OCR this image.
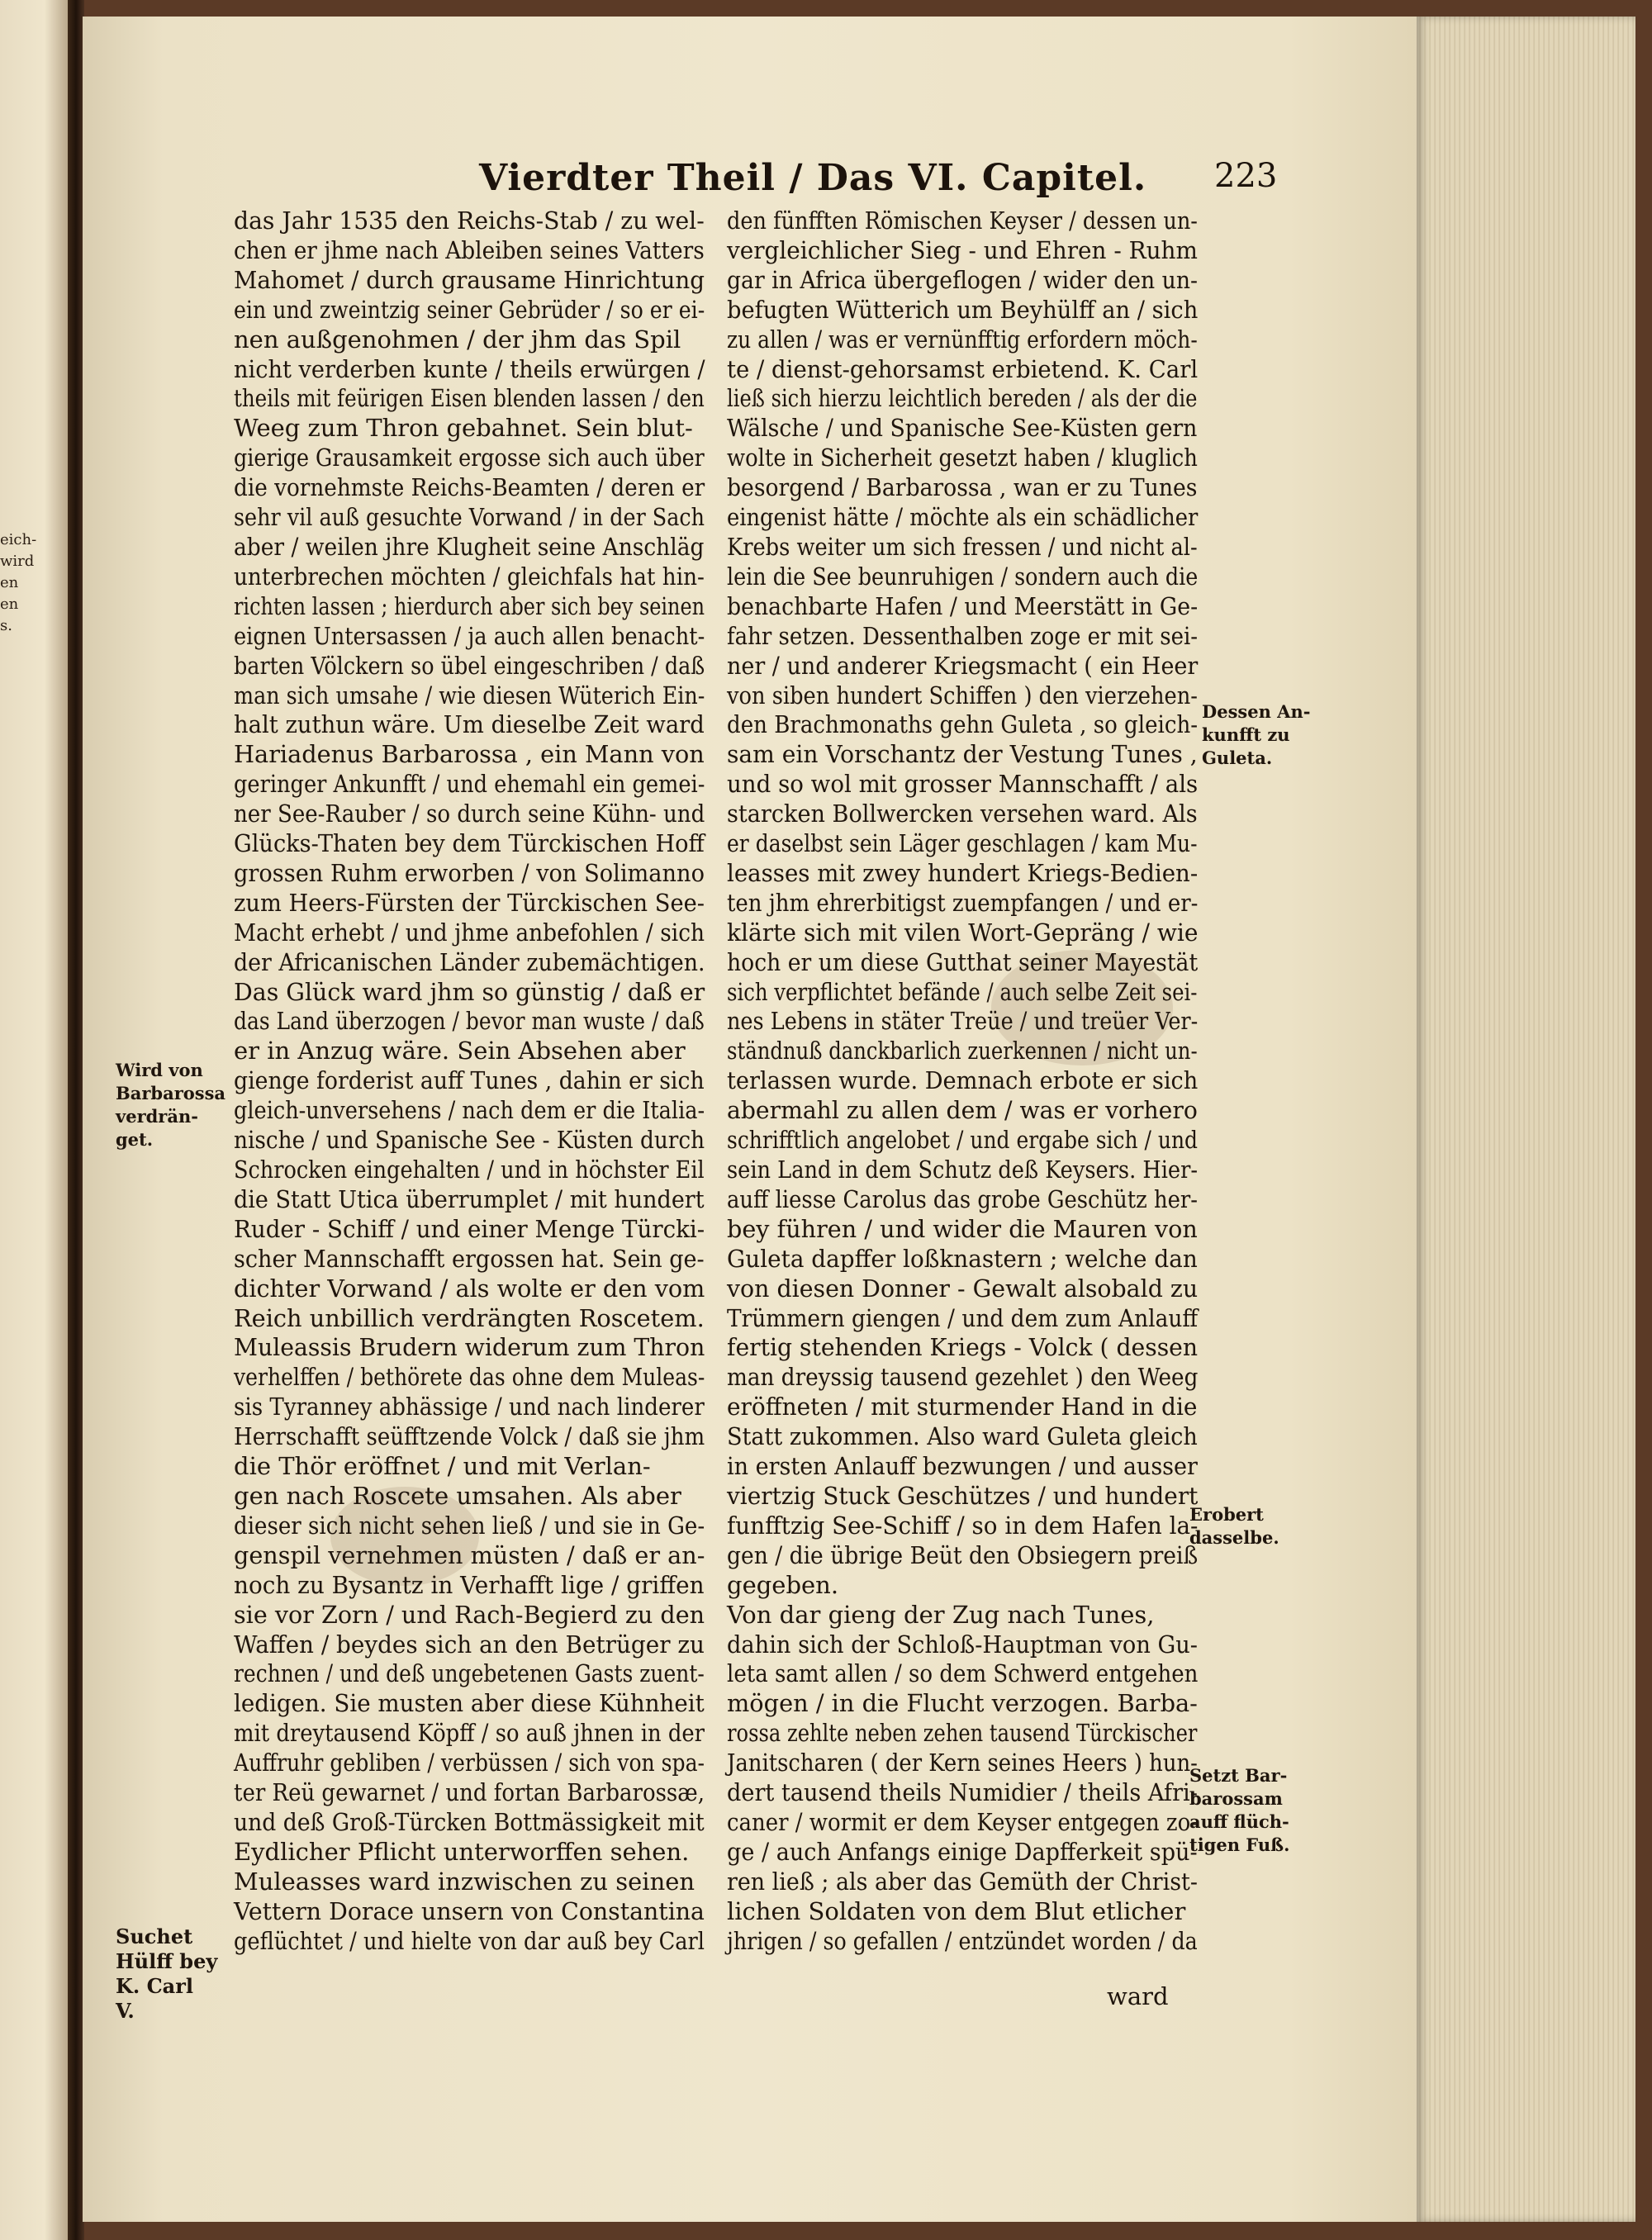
eich-
wird
en
en
s.
Vierdter Theil / Das VI. Capitel. 223
das Jahr 1535 den Reichs-Stab / zu wel-
chen er jhme nach Ableiben seines Vatters
Mahomet / durch grausame Hinrichtung
ein und zweintzig seiner Gebrüder / so er ei-
nen außgenohmen / der jhm das Spil
nicht verderben kunte / theils erwürgen /
theils mit feürigen Eisen blenden lassen / den
Weeg zum Thron gebahnet. Sein blut-
gierige Grausamkeit ergosse sich auch über
die vornehmste Reichs-Beamten / deren er
sehr vil auß gesuchte Vorwand / in der Sach
aber / weilen jhre Klugheit seine Anschläg
unterbrechen möchten / gleichfals hat hin-
richten lassen ; hierdurch aber sich bey seinen
eignen Untersassen / ja auch allen benacht-
barten Völckern so übel eingeschriben / daß
man sich umsahe / wie diesen Wüterich Ein-
halt zuthun wäre. Um dieselbe Zeit ward
Hariadenus Barbarossa , ein Mann von
geringer Ankunfft / und ehemahl ein gemei-
ner See-Rauber / so durch seine Kühn- und
Glücks-Thaten bey dem Türckischen Hoff
grossen Ruhm erworben / von Solimanno
zum Heers-Fürsten der Türckischen See-
Macht erhebt / und jhme anbefohlen / sich
der Africanischen Länder zubemächtigen.
Das Glück ward jhm so günstig / daß er
das Land überzogen / bevor man wuste / daß
er in Anzug wäre. Sein Absehen aber
gienge forderist auff Tunes , dahin er sich
gleich-unversehens / nach dem er die Italia-
nische / und Spanische See - Küsten durch
Schrocken eingehalten / und in höchster Eil
die Statt Utica überrumplet / mit hundert
Ruder - Schiff / und einer Menge Türcki-
scher Mannschafft ergossen hat. Sein ge-
dichter Vorwand / als wolte er den vom
Reich unbillich verdrängten Roscetem.
Muleassis Brudern widerum zum Thron
verhelffen / bethörete das ohne dem Muleas-
sis Tyranney abhässige / und nach linderer
Herrschafft seüfftzende Volck / daß sie jhm
die Thör eröffnet / und mit Verlan-
gen nach Roscete umsahen. Als aber
dieser sich nicht sehen ließ / und sie in Ge-
genspil vernehmen müsten / daß er an-
noch zu Bysantz in Verhafft lige / griffen
sie vor Zorn / und Rach-Begierd zu den
Waffen / beydes sich an den Betrüger zu
rechnen / und deß ungebetenen Gasts zuent-
ledigen. Sie musten aber diese Kühnheit
mit dreytausend Köpff / so auß jhnen in der
Auffruhr gebliben / verbüssen / sich von spa-
ter Reü gewarnet / und fortan Barbarossæ,
und deß Groß-Türcken Bottmässigkeit mit
Eydlicher Pflicht unterworffen sehen.
Muleasses ward inzwischen zu seinen
Vettern Dorace unsern von Constantina
geflüchtet / und hielte von dar auß bey Carl
den fünfften Römischen Keyser / dessen un-
vergleichlicher Sieg - und Ehren - Ruhm
gar in Africa übergeflogen / wider den un-
befugten Wütterich um Beyhülff an / sich
zu allen / was er vernünfftig erfordern möch-
te / dienst-gehorsamst erbietend. K. Carl
ließ sich hierzu leichtlich bereden / als der die
Wälsche / und Spanische See-Küsten gern
wolte in Sicherheit gesetzt haben / kluglich
besorgend / Barbarossa , wan er zu Tunes
eingenist hätte / möchte als ein schädlicher
Krebs weiter um sich fressen / und nicht al-
lein die See beunruhigen / sondern auch die
benachbarte Hafen / und Meerstätt in Ge-
fahr setzen. Dessenthalben zoge er mit sei-
ner / und anderer Kriegsmacht ( ein Heer
von siben hundert Schiffen ) den vierzehen-
den Brachmonaths gehn Guleta , so gleich-
sam ein Vorschantz der Vestung Tunes ,
und so wol mit grosser Mannschafft / als
starcken Bollwercken versehen ward. Als
er daselbst sein Läger geschlagen / kam Mu-
leasses mit zwey hundert Kriegs-Bedien-
ten jhm ehrerbitigst zuempfangen / und er-
klärte sich mit vilen Wort-Gepräng / wie
hoch er um diese Gutthat seiner Mayestät
sich verpflichtet befände / auch selbe Zeit sei-
nes Lebens in stäter Treüe / und treüer Ver-
ständnuß danckbarlich zuerkennen / nicht un-
terlassen wurde. Demnach erbote er sich
abermahl zu allen dem / was er vorhero
schrifftlich angelobet / und ergabe sich / und
sein Land in dem Schutz deß Keysers. Hier-
auff liesse Carolus das grobe Geschütz her-
bey führen / und wider die Mauren von
Guleta dapffer loßknastern ; welche dan
von diesen Donner - Gewalt alsobald zu
Trümmern giengen / und dem zum Anlauff
fertig stehenden Kriegs - Volck ( dessen
man dreyssig tausend gezehlet ) den Weeg
eröffneten / mit sturmender Hand in die
Statt zukommen. Also ward Guleta gleich
in ersten Anlauff bezwungen / und ausser
viertzig Stuck Geschützes / und hundert
funfftzig See-Schiff / so in dem Hafen la-
gen / die übrige Beüt den Obsiegern preiß
gegeben.
Von dar gieng der Zug nach Tunes,
dahin sich der Schloß-Hauptman von Gu-
leta samt allen / so dem Schwerd entgehen
mögen / in die Flucht verzogen. Barba-
rossa zehlte neben zehen tausend Türckischer
Janitscharen ( der Kern seines Heers ) hun-
dert tausend theils Numidier / theils Afri-
caner / wormit er dem Keyser entgegen zo-
ge / auch Anfangs einige Dapfferkeit spü-
ren ließ ; als aber das Gemüth der Christ-
lichen Soldaten von dem Blut etlicher
jhrigen / so gefallen / entzündet worden / da
Wird von
Barbarossa
verdrän-
get.
Suchet
Hülff bey
K. Carl
V.
Dessen An-
kunfft zu
Guleta.
Erobert
dasselbe.
Setzt Bar-
barossam
auff flüch-
tigen Fuß.
ward
